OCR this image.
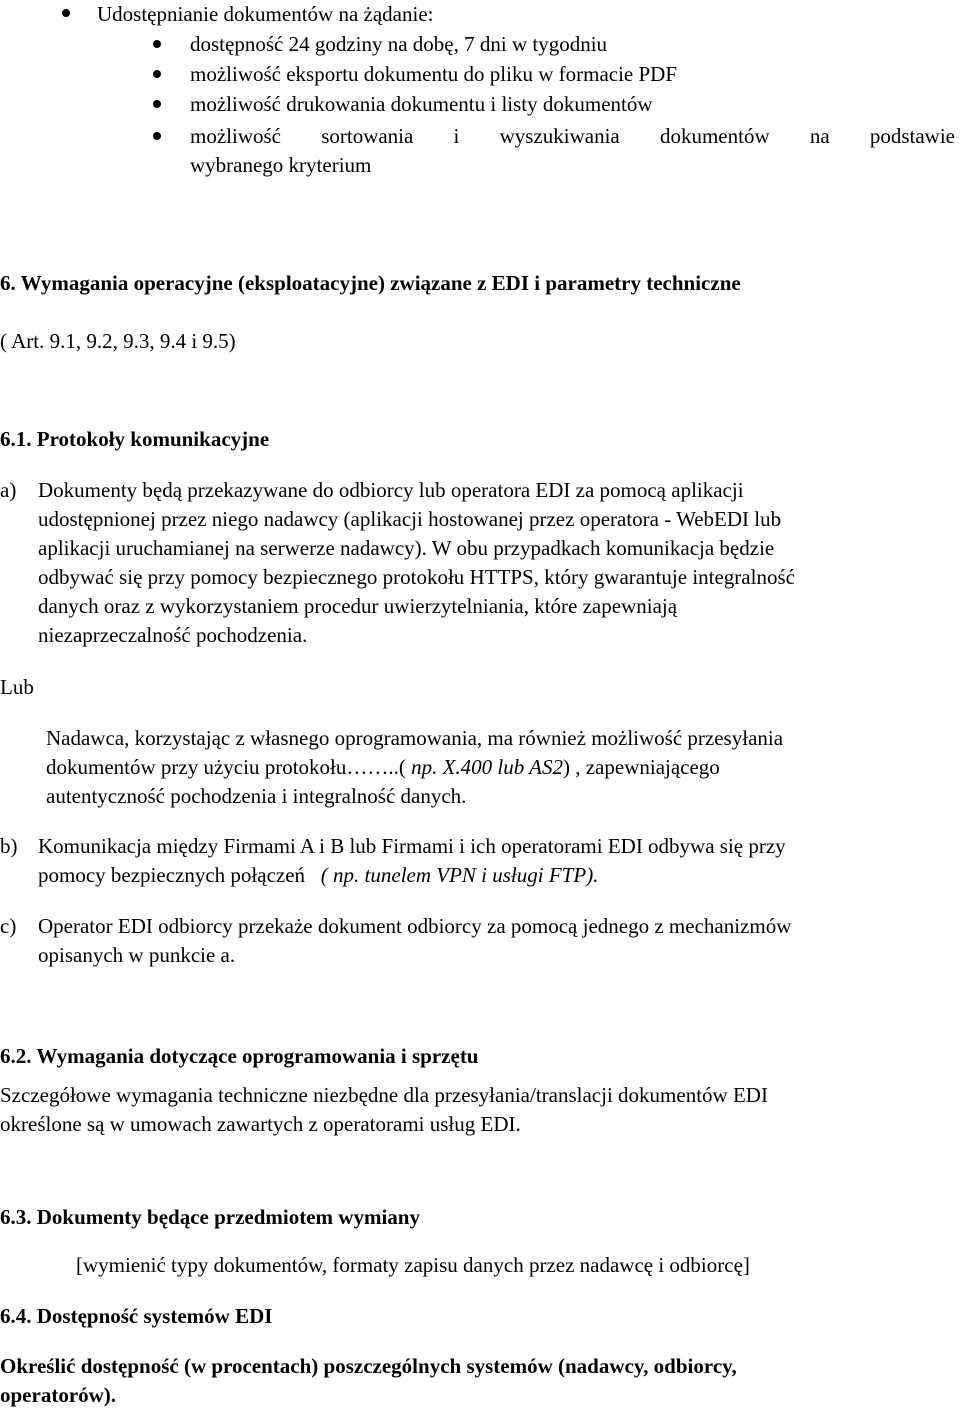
Udostępnianie dokumentów na żądanie:
dostępność 24 godziny na dobę, 7 dni w tygodniu
możliwość eksportu dokumentu do pliku w formacie PDF
możliwość drukowania dokumentu i listy dokumentów
możliwość sortowania i wyszukiwania dokumentów na podstawie
wybranego kryterium
6. Wymagania operacyjne (eksploatacyjne) związane z EDI i parametry techniczne
( Art. 9.1, 9.2, 9.3, 9.4 i 9.5)
6.1. Protokoły komunikacyjne
a) Dokumenty będą przekazywane do odbiorcy lub operatora EDI za pomocą aplikacji
udostępnionej przez niego nadawcy (aplikacji hostowanej przez operatora - WebEDI lub
aplikacji uruchamianej na serwerze nadawcy). W obu przypadkach komunikacja będzie
odbywać się przy pomocy bezpiecznego protokołu HTTPS, który gwarantuje integralność
danych oraz z wykorzystaniem procedur uwierzytelniania, które zapewniają
niezaprzeczalność pochodzenia.
Lub
Nadawca, korzystając z własnego oprogramowania, ma również możliwość przesyłania
dokumentów przy użyciu protokołu……..( np. X.400 lub AS2) , zapewniającego
autentyczność pochodzenia i integralność danych.
b) Komunikacja między Firmami A i B lub Firmami i ich operatorami EDI odbywa się przy
pomocy bezpiecznych połączeń   ( np. tunelem VPN i usługi FTP).
c) Operator EDI odbiorcy przekaże dokument odbiorcy za pomocą jednego z mechanizmów
opisanych w punkcie a.
6.2. Wymagania dotyczące oprogramowania i sprzętu
Szczegółowe wymagania techniczne niezbędne dla przesyłania/translacji dokumentów EDI
określone są w umowach zawartych z operatorami usług EDI.
6.3. Dokumenty będące przedmiotem wymiany
[wymienić typy dokumentów, formaty zapisu danych przez nadawcę i odbiorcę]
6.4. Dostępność systemów EDI
Określić dostępność (w procentach) poszczególnych systemów (nadawcy, odbiorcy,
operatorów).
